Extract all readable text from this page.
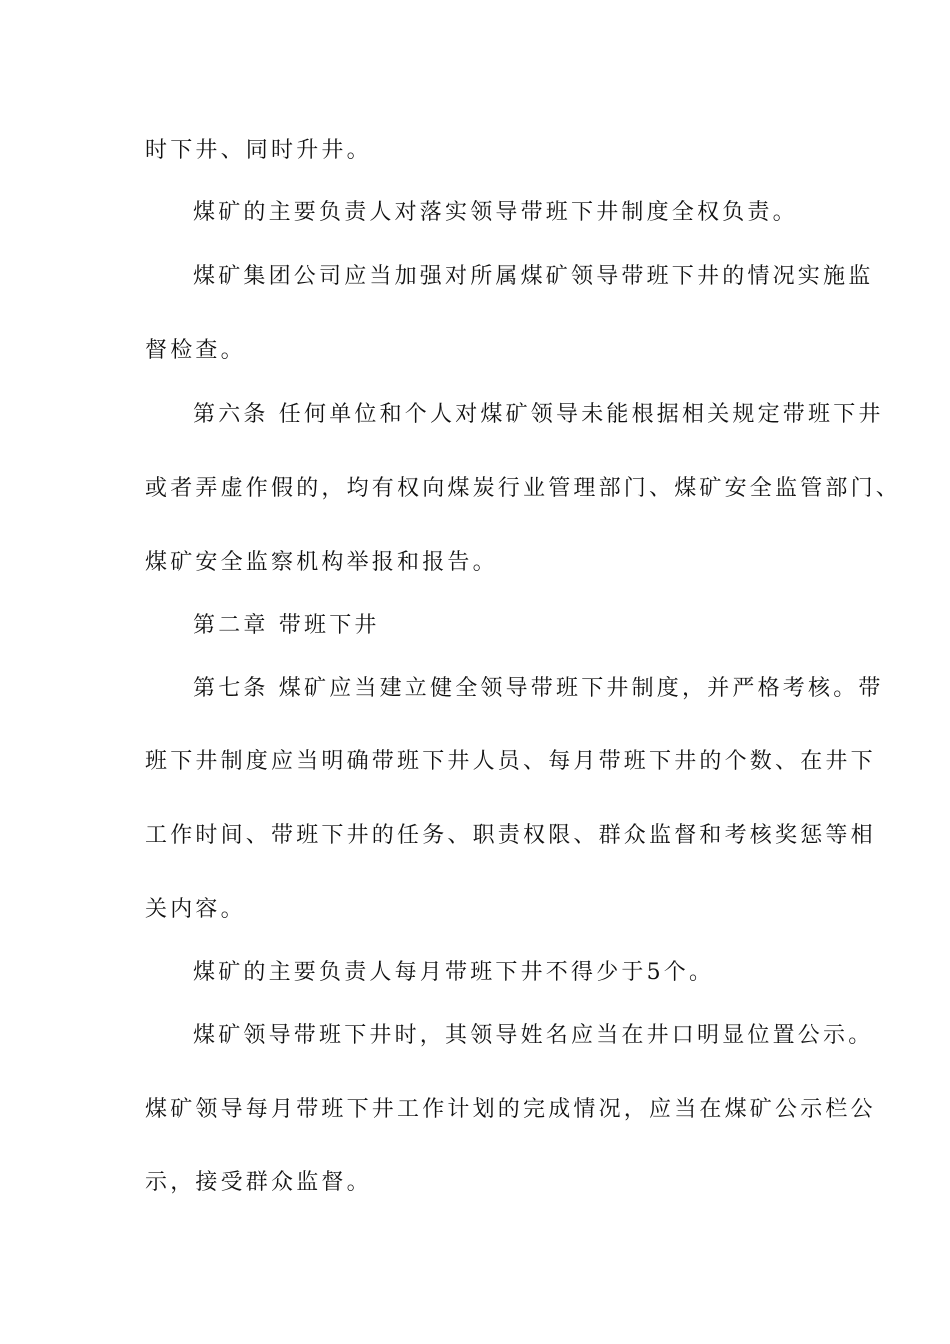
时下井、同时升井。
煤矿的主要负责人对落实领导带班下井制度全权负责。
煤矿集团公司应当加强对所属煤矿领导带班下井的情况实施监
督检查。
第六条 任何单位和个人对煤矿领导未能根据相关规定带班下井
或者弄虚作假的，均有权向煤炭行业管理部门、煤矿安全监管部门、
煤矿安全监察机构举报和报告。
第二章 带班下井
第七条 煤矿应当建立健全领导带班下井制度，并严格考核。带
班下井制度应当明确带班下井人员、每月带班下井的个数、在井下
工作时间、带班下井的任务、职责权限、群众监督和考核奖惩等相
关内容。
煤矿的主要负责人每月带班下井不得少于5个。
煤矿领导带班下井时，其领导姓名应当在井口明显位置公示。
煤矿领导每月带班下井工作计划的完成情况，应当在煤矿公示栏公
示，接受群众监督。
